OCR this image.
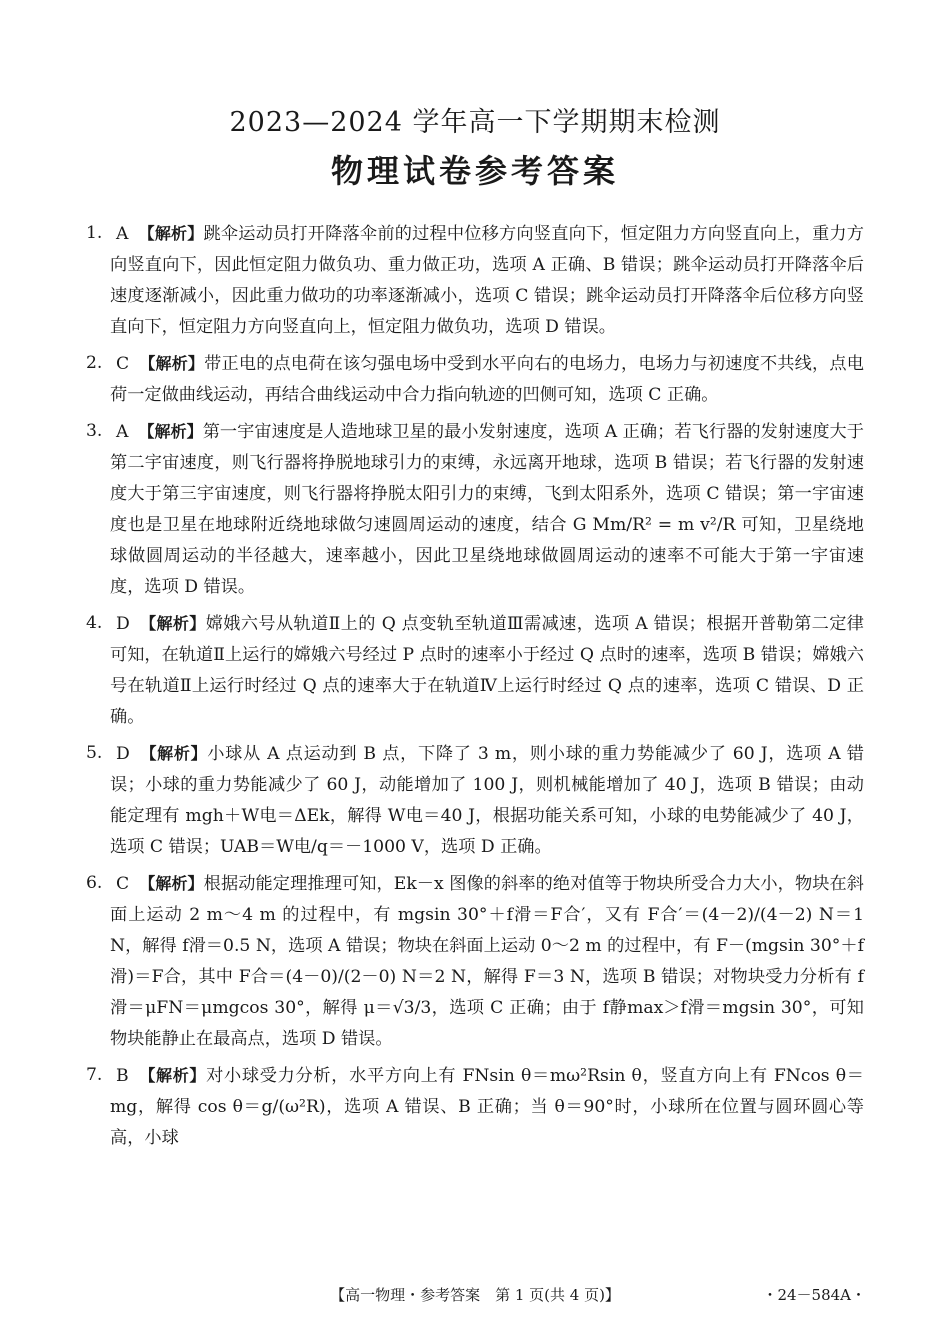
2023—2024 学年高一下学期期末检测
物理试卷参考答案
1. A 【解析】跳伞运动员打开降落伞前的过程中位移方向竖直向下，恒定阻力方向竖直向上，重力方向竖直向下，因此恒定阻力做负功、重力做正功，选项 A 正确、B 错误；跳伞运动员打开降落伞后速度逐渐减小，因此重力做功的功率逐渐减小，选项 C 错误；跳伞运动员打开降落伞后位移方向竖直向下，恒定阻力方向竖直向上，恒定阻力做负功，选项 D 错误。
2. C 【解析】带正电的点电荷在该匀强电场中受到水平向右的电场力，电场力与初速度不共线，点电荷一定做曲线运动，再结合曲线运动中合力指向轨迹的凹侧可知，选项 C 正确。
3. A 【解析】第一宇宙速度是人造地球卫星的最小发射速度，选项 A 正确；若飞行器的发射速度大于第二宇宙速度，则飞行器将挣脱地球引力的束缚，永远离开地球，选项 B 错误；若飞行器的发射速度大于第三宇宙速度，则飞行器将挣脱太阳引力的束缚，飞到太阳系外，选项 C 错误；第一宇宙速度也是卫星在地球附近绕地球做匀速圆周运动的速度，结合 G Mm/R² = m v²/R 可知，卫星绕地球做圆周运动的半径越大，速率越小，因此卫星绕地球做圆周运动的速率不可能大于第一宇宙速度，选项 D 错误。
4. D 【解析】嫦娥六号从轨道Ⅱ上的 Q 点变轨至轨道Ⅲ需减速，选项 A 错误；根据开普勒第二定律可知，在轨道Ⅱ上运行的嫦娥六号经过 P 点时的速率小于经过 Q 点时的速率，选项 B 错误；嫦娥六号在轨道Ⅱ上运行时经过 Q 点的速率大于在轨道Ⅳ上运行时经过 Q 点的速率，选项 C 错误、D 正确。
5. D 【解析】小球从 A 点运动到 B 点，下降了 3 m，则小球的重力势能减少了 60 J，选项 A 错误；小球的重力势能减少了 60 J，动能增加了 100 J，则机械能增加了 40 J，选项 B 错误；由动能定理有 mgh＋W电＝ΔEk，解得 W电＝40 J，根据功能关系可知，小球的电势能减少了 40 J，选项 C 错误；UAB＝W电/q＝－1000 V，选项 D 正确。
6. C 【解析】根据动能定理推理可知，Ek－x 图像的斜率的绝对值等于物块所受合力大小，物块在斜面上运动 2 m～4 m 的过程中，有 mgsin 30°＋f滑＝F合′，又有 F合′＝(4－2)/(4－2) N＝1 N，解得 f滑＝0.5 N，选项 A 错误；物块在斜面上运动 0～2 m 的过程中，有 F－(mgsin 30°＋f滑)＝F合，其中 F合＝(4－0)/(2－0) N＝2 N，解得 F＝3 N，选项 B 错误；对物块受力分析有 f滑＝μFN＝μmgcos 30°，解得 μ＝√3/3，选项 C 正确；由于 f静max＞f滑＝mgsin 30°，可知物块能静止在最高点，选项 D 错误。
7. B 【解析】对小球受力分析，水平方向上有 FNsin θ＝mω²Rsin θ，竖直方向上有 FNcos θ＝mg，解得 cos θ＝g/(ω²R)，选项 A 错误、B 正确；当 θ＝90°时，小球所在位置与圆环圆心等高，小球
【高一物理・参考答案　第 1 页(共 4 页)】	・24－584A・
